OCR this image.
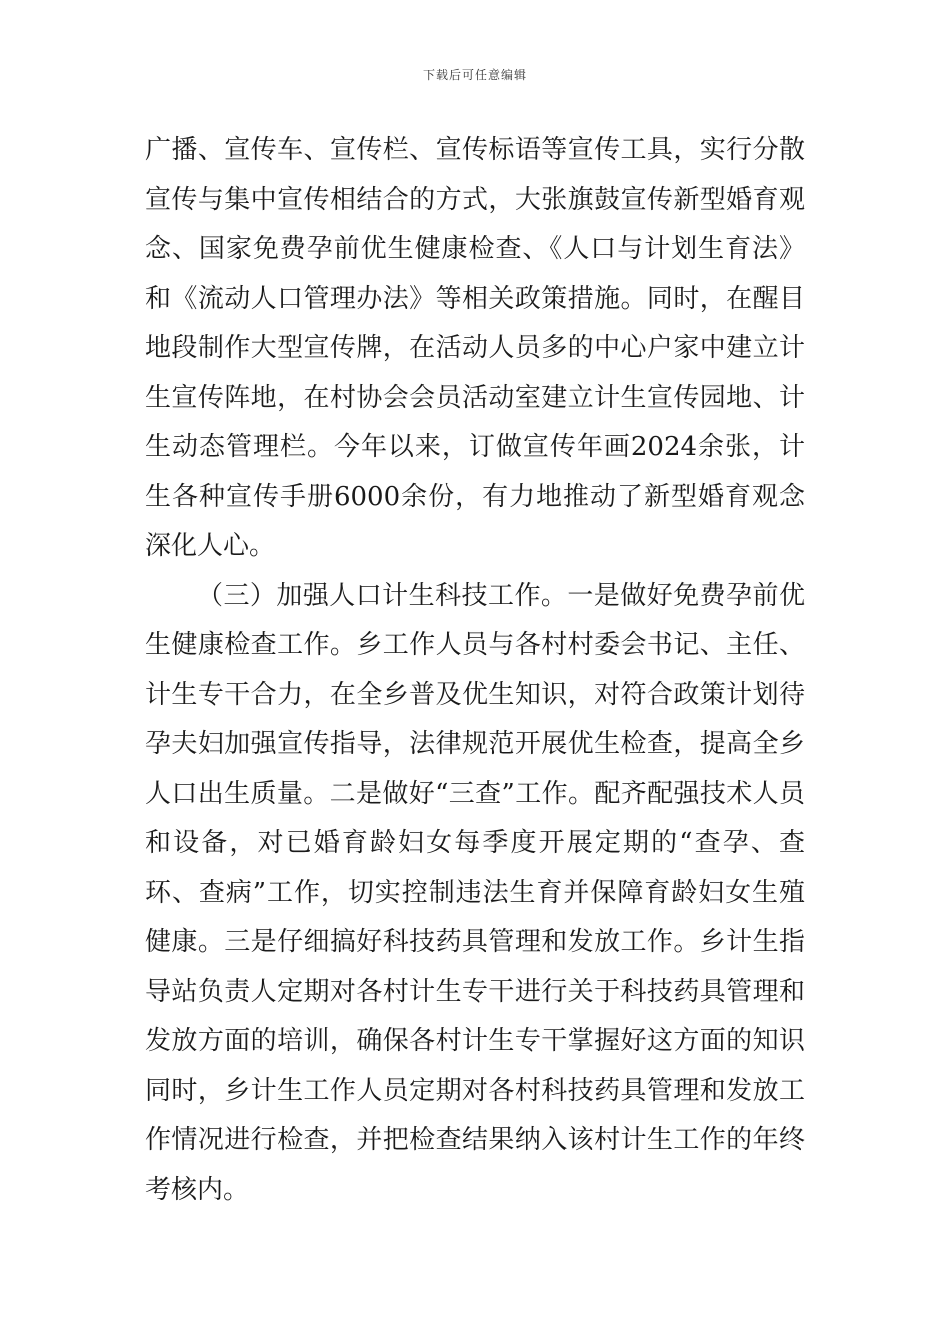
下载后可任意编辑

广播、宣传车、宣传栏、宣传标语等宣传工具，实行分散宣传与集中宣传相结合的方式，大张旗鼓宣传新型婚育观念、国家免费孕前优生健康检查、《人口与计划生育法》和《流动人口管理办法》等相关政策措施。同时，在醒目地段制作大型宣传牌，在活动人员多的中心户家中建立计生宣传阵地，在村协会会员活动室建立计生宣传园地、计生动态管理栏。今年以来，订做宣传年画2024余张，计生各种宣传手册6000余份，有力地推动了新型婚育观念深化人心。

（三）加强人口计生科技工作。一是做好免费孕前优生健康检查工作。乡工作人员与各村村委会书记、主任、计生专干合力，在全乡普及优生知识，对符合政策计划待孕夫妇加强宣传指导，法律规范开展优生检查，提高全乡人口出生质量。二是做好“三查”工作。配齐配强技术人员和设备，对已婚育龄妇女每季度开展定期的“查孕、查环、查病”工作，切实控制违法生育并保障育龄妇女生殖健康。三是仔细搞好科技药具管理和发放工作。乡计生指导站负责人定期对各村计生专干进行关于科技药具管理和发放方面的培训，确保各村计生专干掌握好这方面的知识同时，乡计生工作人员定期对各村科技药具管理和发放工作情况进行检查，并把检查结果纳入该村计生工作的年终考核内。
